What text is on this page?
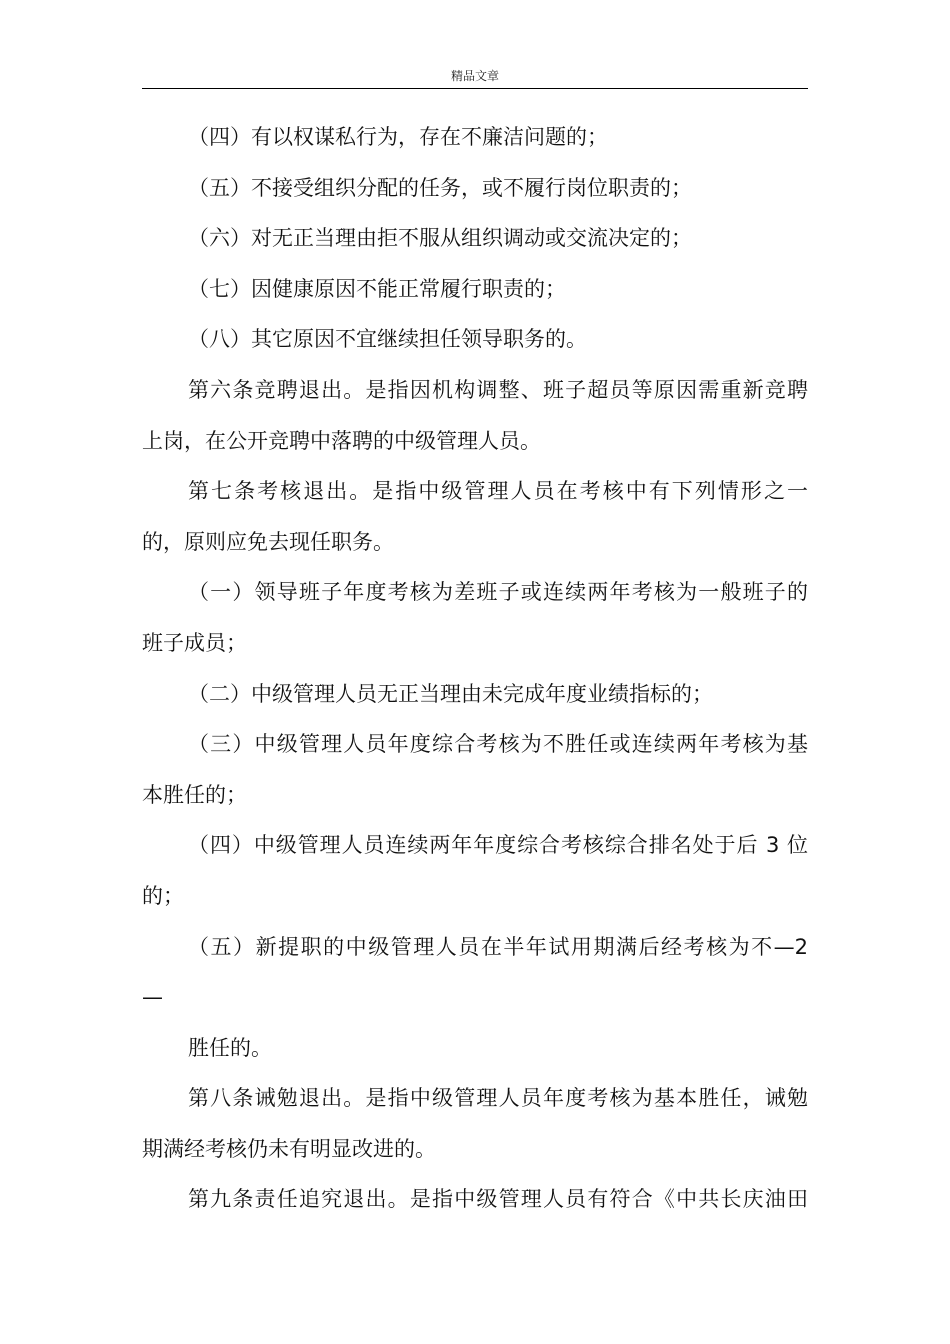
精品文章
（四）有以权谋私行为，存在不廉洁问题的；
（五）不接受组织分配的任务，或不履行岗位职责的；
（六）对无正当理由拒不服从组织调动或交流决定的；
（七）因健康原因不能正常履行职责的；
（八）其它原因不宜继续担任领导职务的。
第六条竞聘退出。是指因机构调整、班子超员等原因需重新竞聘
上岗，在公开竞聘中落聘的中级管理人员。
第七条考核退出。是指中级管理人员在考核中有下列情形之一
的，原则应免去现任职务。
（一）领导班子年度考核为差班子或连续两年考核为一般班子的
班子成员；
（二）中级管理人员无正当理由未完成年度业绩指标的；
（三）中级管理人员年度综合考核为不胜任或连续两年考核为基
本胜任的；
（四）中级管理人员连续两年年度综合考核综合排名处于后 3 位
的；
（五）新提职的中级管理人员在半年试用期满后经考核为不—2
—
胜任的。
第八条诫勉退出。是指中级管理人员年度考核为基本胜任，诫勉
期满经考核仍未有明显改进的。
第九条责任追究退出。是指中级管理人员有符合《中共长庆油田
